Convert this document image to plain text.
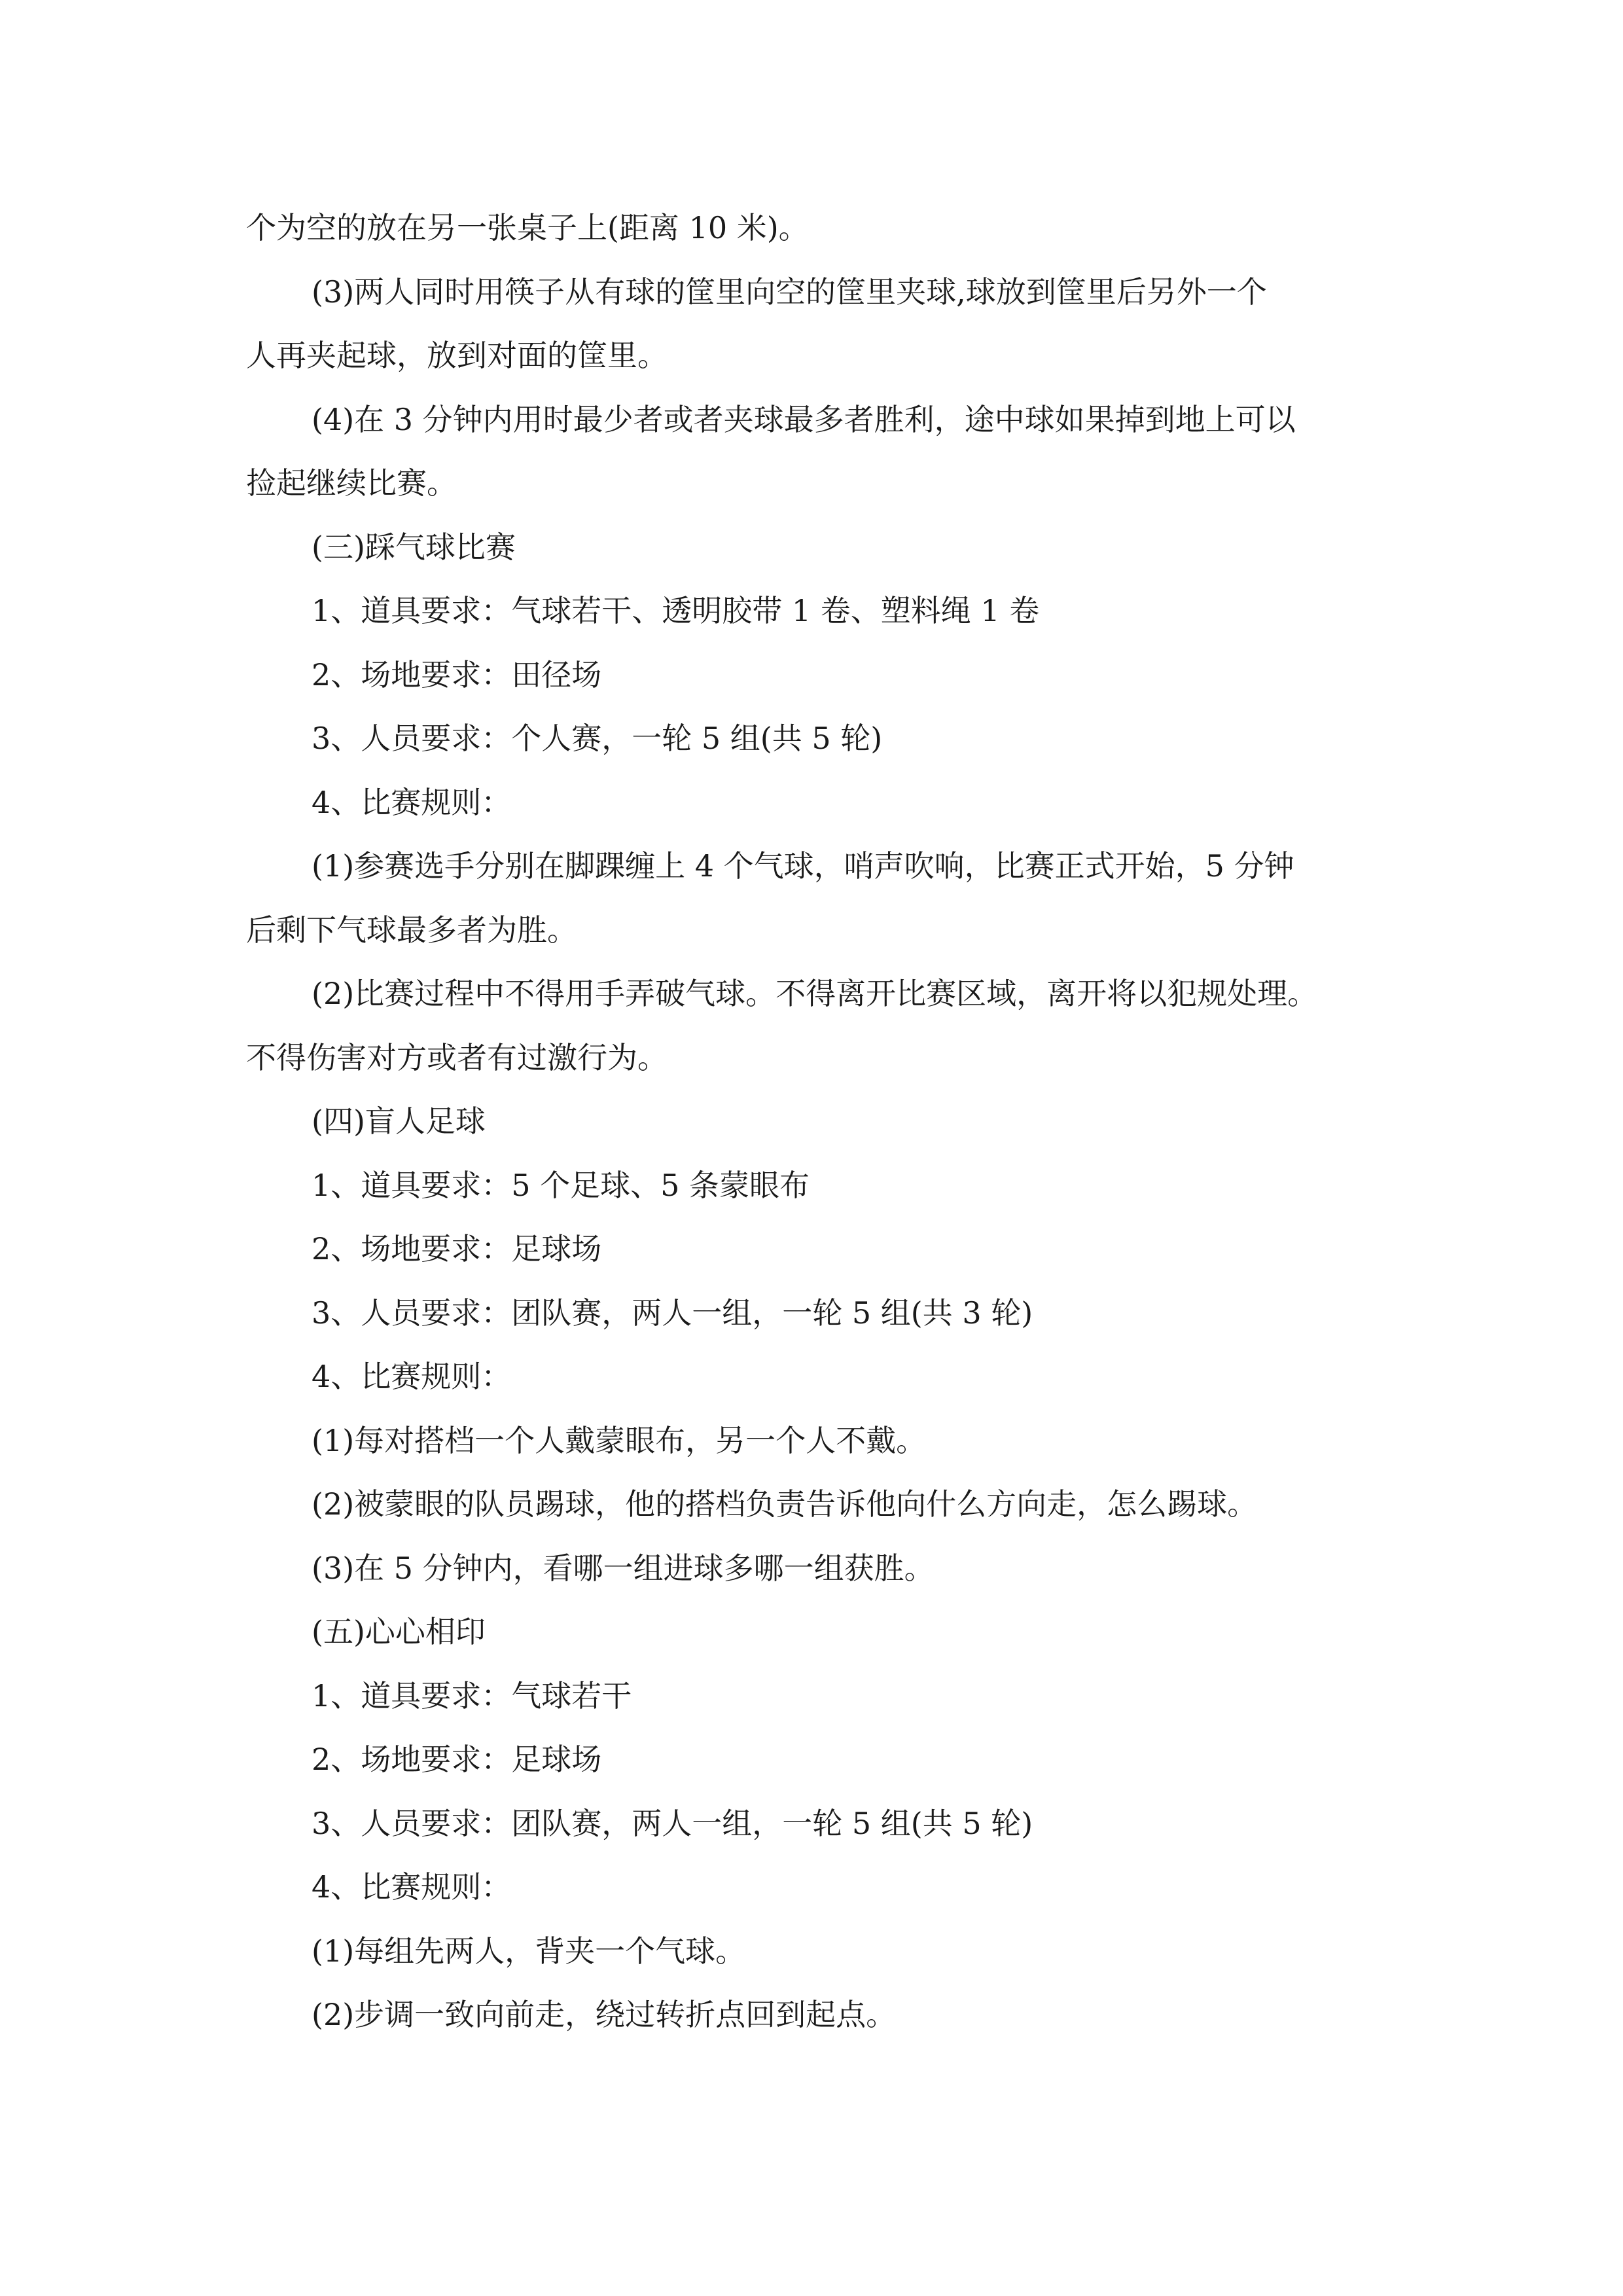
个为空的放在另一张桌子上(距离 10 米)。
(3)两人同时用筷子从有球的筐里向空的筐里夹球,球放到筐里后另外一个
人再夹起球，放到对面的筐里。
(4)在 3 分钟内用时最少者或者夹球最多者胜利，途中球如果掉到地上可以
捡起继续比赛。
(三)踩气球比赛
1、道具要求：气球若干、透明胶带 1 卷、塑料绳 1 卷
2、场地要求：田径场
3、人员要求：个人赛，一轮 5 组(共 5 轮)
4、比赛规则：
(1)参赛选手分别在脚踝缠上 4 个气球，哨声吹响，比赛正式开始，5 分钟
后剩下气球最多者为胜。
(2)比赛过程中不得用手弄破气球。不得离开比赛区域，离开将以犯规处理。
不得伤害对方或者有过激行为。
(四)盲人足球
1、道具要求：5 个足球、5 条蒙眼布
2、场地要求：足球场
3、人员要求：团队赛，两人一组，一轮 5 组(共 3 轮)
4、比赛规则：
(1)每对搭档一个人戴蒙眼布，另一个人不戴。
(2)被蒙眼的队员踢球，他的搭档负责告诉他向什么方向走，怎么踢球。
(3)在 5 分钟内，看哪一组进球多哪一组获胜。
(五)心心相印
1、道具要求：气球若干
2、场地要求：足球场
3、人员要求：团队赛，两人一组，一轮 5 组(共 5 轮)
4、比赛规则：
(1)每组先两人，背夹一个气球。
(2)步调一致向前走，绕过转折点回到起点。
